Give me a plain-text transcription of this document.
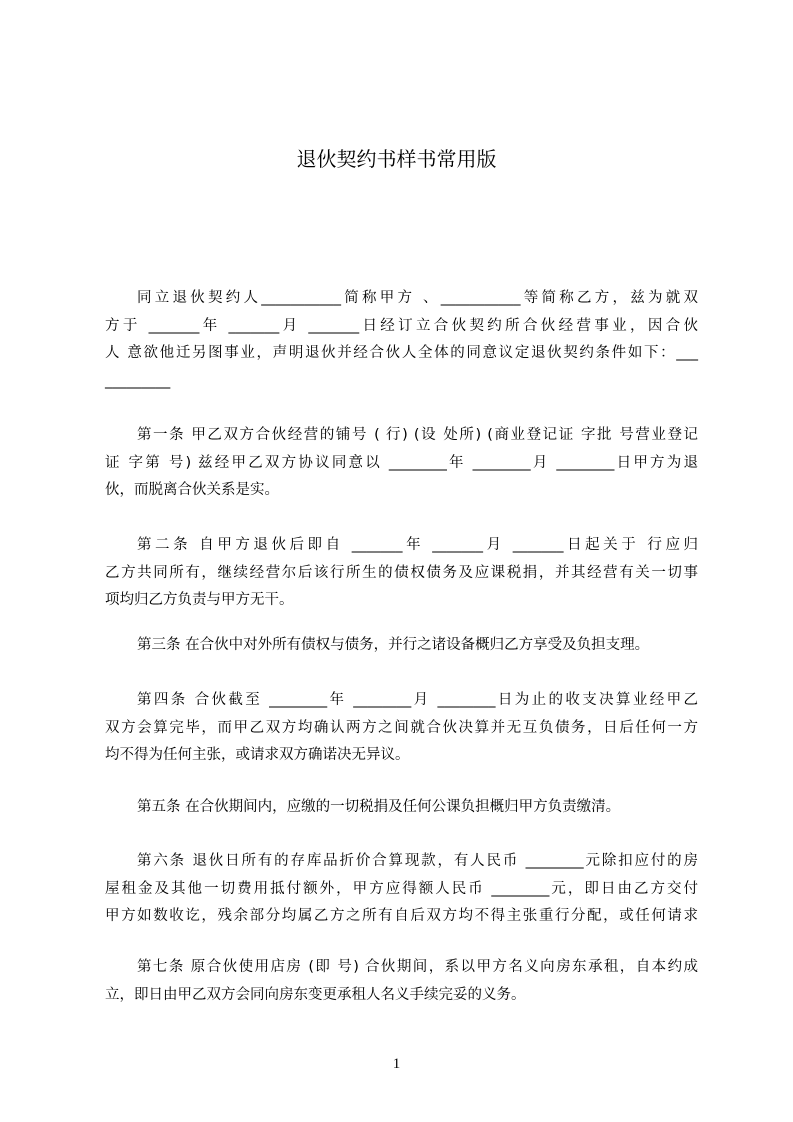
退伙契约书样书常用版
同立退伙契约人___________简称甲方 、___________等简称乙方，兹为就双
方于 _______年 _______月 _______日经订立合伙契约所合伙经营事业，因合伙
人 意欲他迁另图事业，声明退伙并经合伙人全体的同意议定退伙契约条件如下：___
_________
第一条 甲乙双方合伙经营的铺号 ( 行) (设 处所) (商业登记证 字批 号营业登记
证 字第 号) 兹经甲乙双方协议同意以 ________年 ________月 ________日甲方为退
伙，而脱离合伙关系是实。
第二条 自甲方退伙后即自 _______年 _______月 _______日起关于 行应归
乙方共同所有，继续经营尔后该行所生的债权债务及应课税捐，并其经营有关一切事
项均归乙方负责与甲方无干。
第三条 在合伙中对外所有债权与债务，并行之诸设备概归乙方享受及负担支理。
第四条 合伙截至 ________年 ________月 ________日为止的收支决算业经甲乙
双方会算完毕，而甲乙双方均确认两方之间就合伙决算并无互负债务，日后任何一方
均不得为任何主张，或请求双方确诺决无异议。
第五条 在合伙期间内，应缴的一切税捐及任何公课负担概归甲方负责缴清。
第六条 退伙日所有的存库品折价合算现款，有人民币 ________元除扣应付的房
屋租金及其他一切费用抵付额外，甲方应得额人民币 ________元，即日由乙方交付
甲方如数收讫，残余部分均属乙方之所有自后双方均不得主张重行分配，或任何请求
第七条 原合伙使用店房 (即 号) 合伙期间，系以甲方名义向房东承租，自本约成
立，即日由甲乙双方会同向房东变更承租人名义手续完妥的义务。
1
